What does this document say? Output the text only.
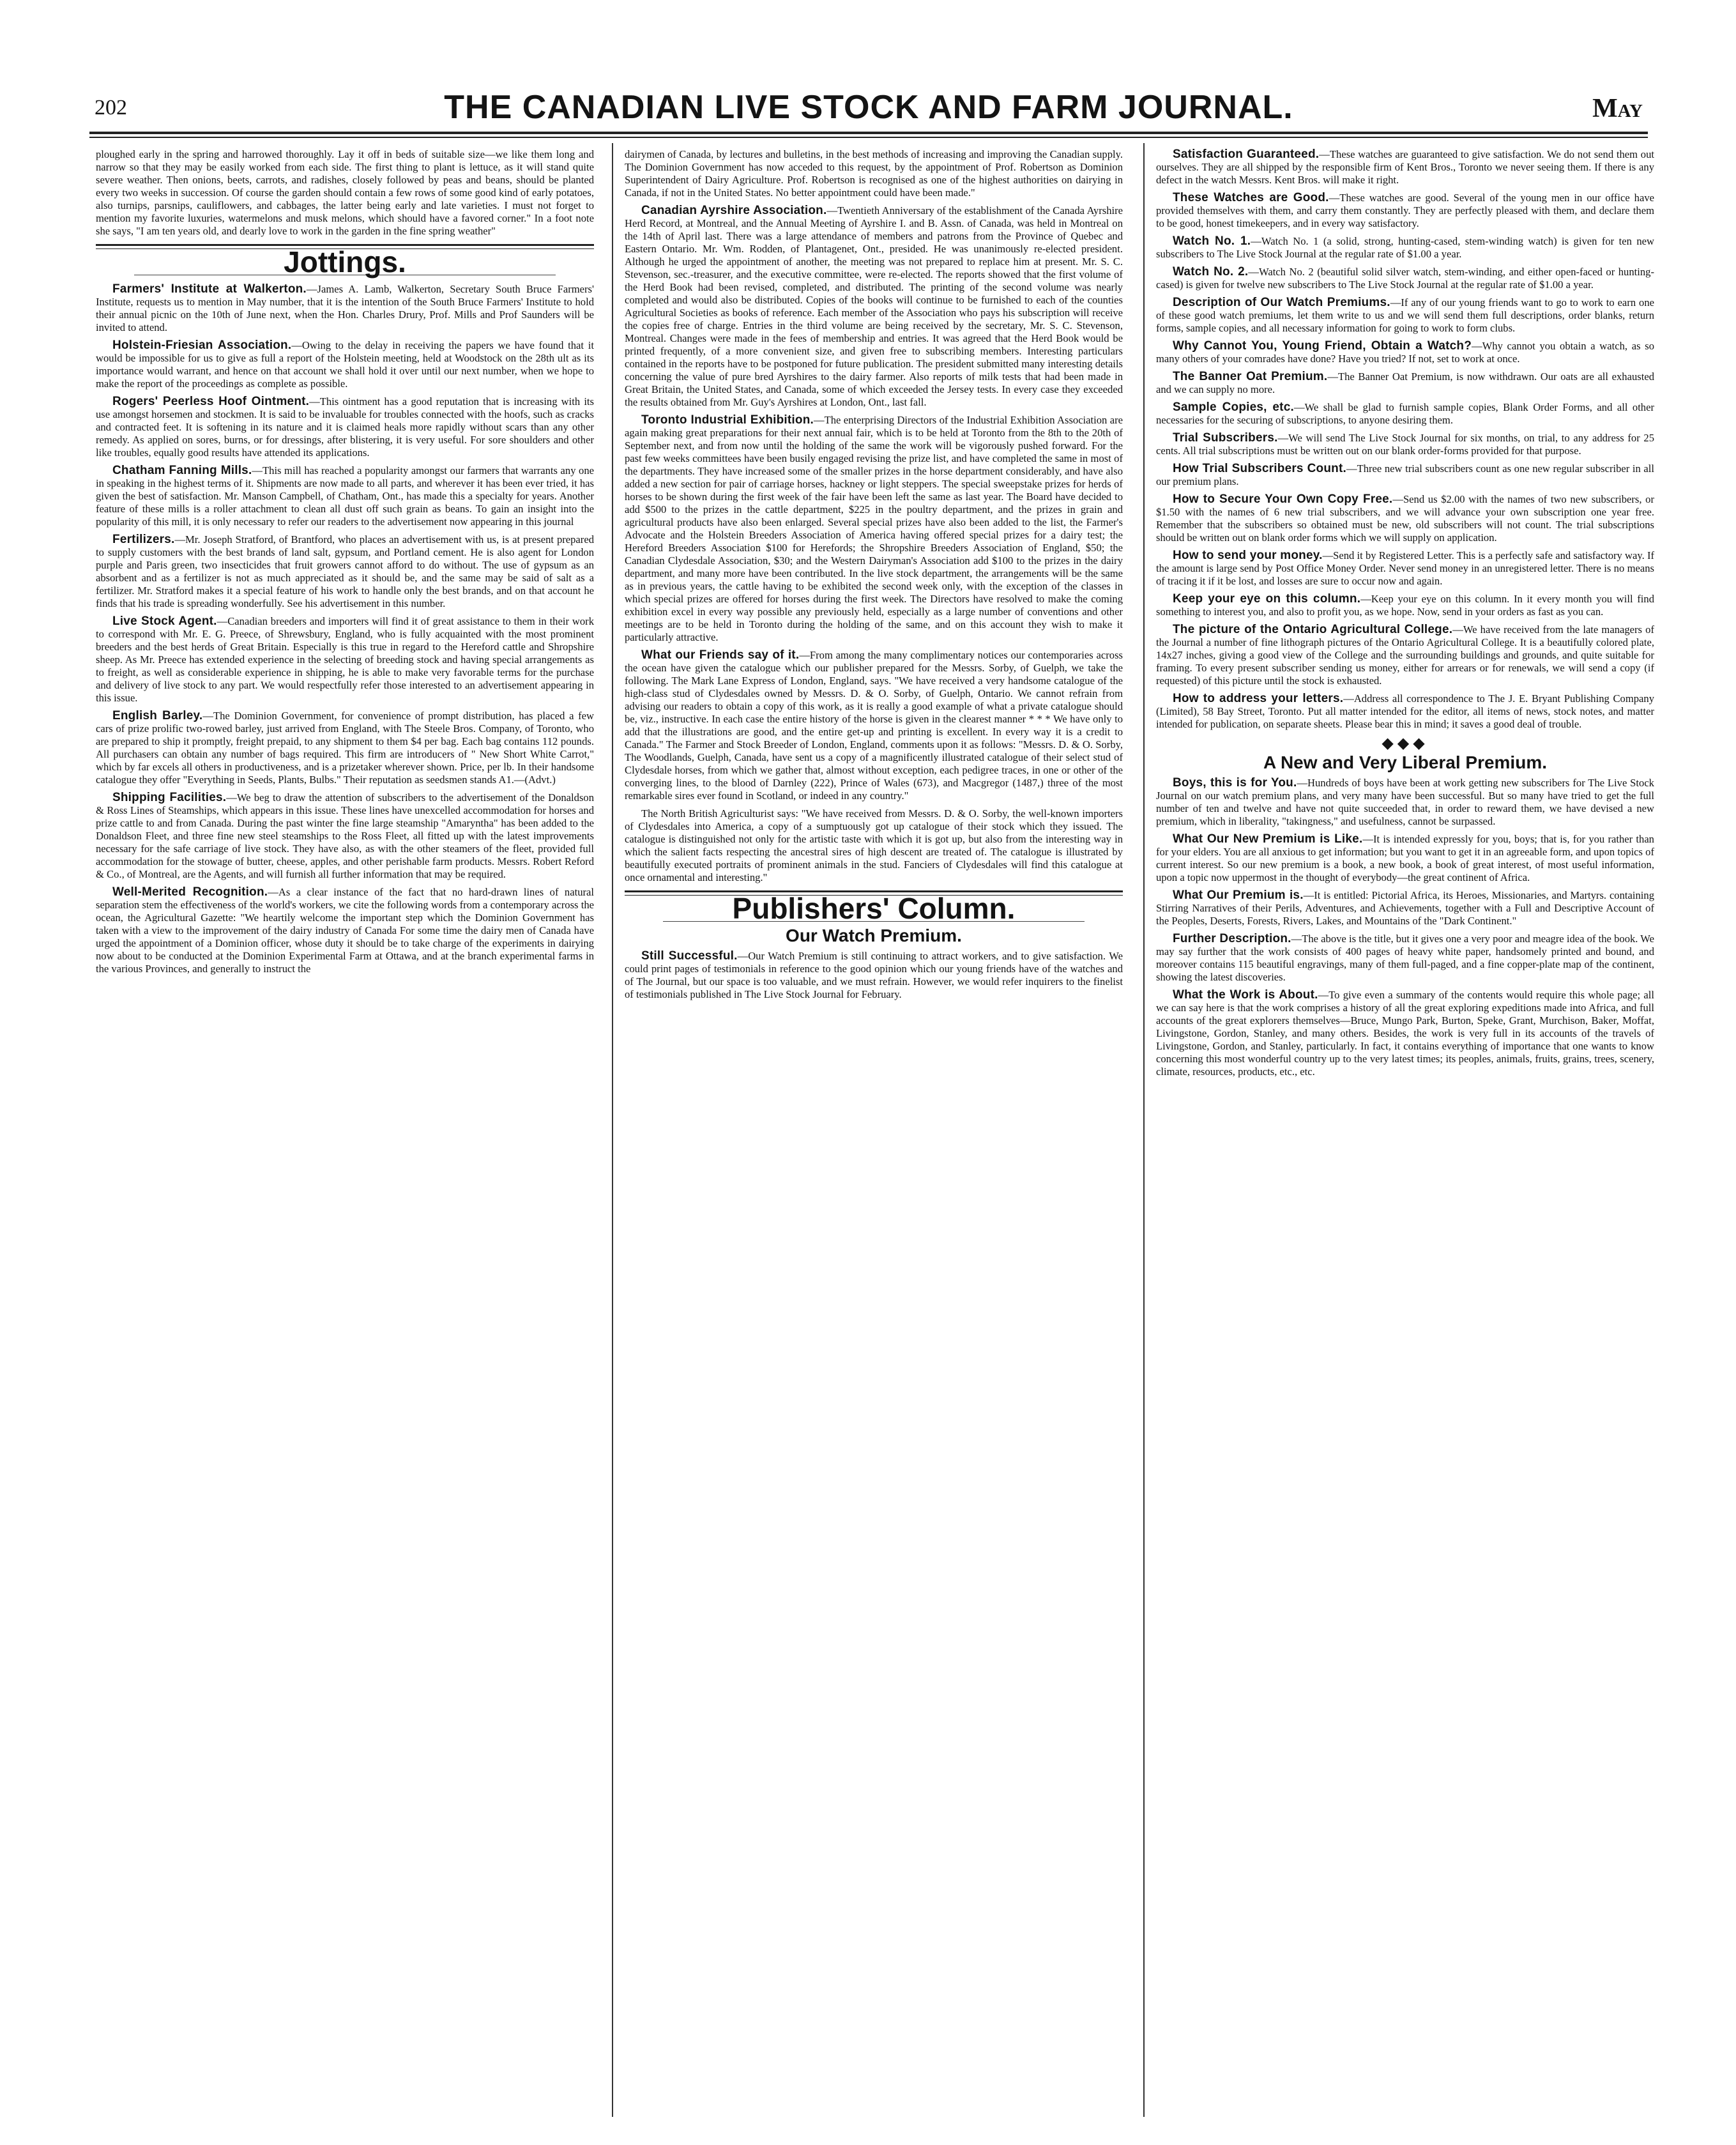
202	THE CANADIAN LIVE STOCK AND FARM JOURNAL.	May

ploughed early in the spring and harrowed thoroughly. Lay it off in beds of suitable size—we like them long and narrow so that they may be easily worked from each side. The first thing to plant is lettuce, as it will stand quite severe weather. Then onions, beets, carrots, and radishes, closely followed by peas and beans, should be planted every two weeks in succession. Of course the garden should contain a few rows of some good kind of early potatoes, also turnips, parsnips, cauliflowers, and cabbages, the latter being early and late varieties. I must not forget to mention my favorite luxuries, watermelons and musk melons, which should have a favored corner." In a foot note she says, "I am ten years old, and dearly love to work in the garden in the fine spring weather"

Jottings.

Farmers' Institute at Walkerton.—James A. Lamb, Walkerton, Secretary South Bruce Farmers' Institute, requests us to mention in May number, that it is the intention of the South Bruce Farmers' Institute to hold their annual picnic on the 10th of June next, when the Hon. Charles Drury, Prof. Mills and Prof Saunders will be invited to attend.

Holstein-Friesian Association.—Owing to the delay in receiving the papers we have found that it would be impossible for us to give as full a report of the Holstein meeting, held at Woodstock on the 28th ult as its importance would warrant, and hence on that account we shall hold it over until our next number, when we hope to make the report of the proceedings as complete as possible.

Rogers' Peerless Hoof Ointment.—This ointment has a good reputation that is increasing with its use amongst horsemen and stockmen. It is said to be invaluable for troubles connected with the hoofs, such as cracks and contracted feet. It is softening in its nature and it is claimed heals more rapidly without scars than any other remedy. As applied on sores, burns, or for dressings, after blistering, it is very useful. For sore shoulders and other like troubles, equally good results have attended its applications.

Chatham Fanning Mills.—This mill has reached a popularity amongst our farmers that warrants any one in speaking in the highest terms of it. Shipments are now made to all parts, and wherever it has been ever tried, it has given the best of satisfaction. Mr. Manson Campbell, of Chatham, Ont., has made this a specialty for years. Another feature of these mills is a roller attachment to clean all dust off such grain as beans. To gain an insight into the popularity of this mill, it is only necessary to refer our readers to the advertisement now appearing in this journal

Fertilizers.—Mr. Joseph Stratford, of Brantford, who places an advertisement with us, is at present prepared to supply customers with the best brands of land salt, gypsum, and Portland cement. He is also agent for London purple and Paris green, two insecticides that fruit growers cannot afford to do without. The use of gypsum as an absorbent and as a fertilizer is not as much appreciated as it should be, and the same may be said of salt as a fertilizer. Mr. Stratford makes it a special feature of his work to handle only the best brands, and on that account he finds that his trade is spreading wonderfully. See his advertisement in this number.

Live Stock Agent.—Canadian breeders and importers will find it of great assistance to them in their work to correspond with Mr. E. G. Preece, of Shrewsbury, England, who is fully acquainted with the most prominent breeders and the best herds of Great Britain. Especially is this true in regard to the Hereford cattle and Shropshire sheep. As Mr. Preece has extended experience in the selecting of breeding stock and having special arrangements as to freight, as well as considerable experience in shipping, he is able to make very favorable terms for the purchase and delivery of live stock to any part. We would respectfully refer those interested to an advertisement appearing in this issue.

English Barley.—The Dominion Government, for convenience of prompt distribution, has placed a few cars of prize prolific two-rowed barley, just arrived from England, with The Steele Bros. Company, of Toronto, who are prepared to ship it promptly, freight prepaid, to any shipment to them $4 per bag. Each bag contains 112 pounds. All purchasers can obtain any number of bags required. This firm are introducers of " New Short White Carrot," which by far excels all others in productiveness, and is a prizetaker wherever shown. Price, per lb. In their handsome catalogue they offer "Everything in Seeds, Plants, Bulbs." Their reputation as seedsmen stands A1.—(Advt.)

Shipping Facilities.—We beg to draw the attention of subscribers to the advertisement of the Donaldson & Ross Lines of Steamships, which appears in this issue. These lines have unexcelled accommodation for horses and prize cattle to and from Canada. During the past winter the fine large steamship "Amaryntha" has been added to the Donaldson Fleet, and three fine new steel steamships to the Ross Fleet, all fitted up with the latest improvements necessary for the safe carriage of live stock. They have also, as with the other steamers of the fleet, provided full accommodation for the stowage of butter, cheese, apples, and other perishable farm products. Messrs. Robert Reford & Co., of Montreal, are the Agents, and will furnish all further information that may be required.

Well-Merited Recognition.—As a clear instance of the fact that no hard-drawn lines of natural separation stem the effectiveness of the world's workers, we cite the following words from a contemporary across the ocean, the Agricultural Gazette: "We heartily welcome the important step which the Dominion Government has taken with a view to the improvement of the dairy industry of Canada For some time the dairy men of Canada have urged the appointment of a Dominion officer, whose duty it should be to take charge of the experiments in dairying now about to be conducted at the Dominion Experimental Farm at Ottawa, and at the branch experimental farms in the various Provinces, and generally to instruct the

dairymen of Canada, by lectures and bulletins, in the best methods of increasing and improving the Canadian supply. The Dominion Government has now acceded to this request, by the appointment of Prof. Robertson as Dominion Superintendent of Dairy Agriculture. Prof. Robertson is recognised as one of the highest authorities on dairying in Canada, if not in the United States. No better appointment could have been made."

Canadian Ayrshire Association.—Twentieth Anniversary of the establishment of the Canada Ayrshire Herd Record, at Montreal, and the Annual Meeting of Ayrshire I. and B. Assn. of Canada, was held in Montreal on the 14th of April last. There was a large attendance of members and patrons from the Province of Quebec and Eastern Ontario. Mr. Wm. Rodden, of Plantagenet, Ont., presided. He was unanimously re-elected president. Although he urged the appointment of another, the meeting was not prepared to replace him at present. Mr. S. C. Stevenson, sec.-treasurer, and the executive committee, were re-elected. The reports showed that the first volume of the Herd Book had been revised, completed, and distributed. The printing of the second volume was nearly completed and would also be distributed. Copies of the books will continue to be furnished to each of the counties Agricultural Societies as books of reference. Each member of the Association who pays his subscription will receive the copies free of charge. Entries in the third volume are being received by the secretary, Mr. S. C. Stevenson, Montreal. Changes were made in the fees of membership and entries. It was agreed that the Herd Book would be printed frequently, of a more convenient size, and given free to subscribing members. Interesting particulars contained in the reports have to be postponed for future publication. The president submitted many interesting details concerning the value of pure bred Ayrshires to the dairy farmer. Also reports of milk tests that had been made in Great Britain, the United States, and Canada, some of which exceeded the Jersey tests. In every case they exceeded the results obtained from Mr. Guy's Ayrshires at London, Ont., last fall.

Toronto Industrial Exhibition.—The enterprising Directors of the Industrial Exhibition Association are again making great preparations for their next annual fair, which is to be held at Toronto from the 8th to the 20th of September next, and from now until the holding of the same the work will be vigorously pushed forward. For the past few weeks committees have been busily engaged revising the prize list, and have completed the same in most of the departments. They have increased some of the smaller prizes in the horse department considerably, and have also added a new section for pair of carriage horses, hackney or light steppers. The special sweepstake prizes for herds of horses to be shown during the first week of the fair have been left the same as last year. The Board have decided to add $500 to the prizes in the cattle department, $225 in the poultry department, and the prizes in grain and agricultural products have also been enlarged. Several special prizes have also been added to the list, the Farmer's Advocate and the Holstein Breeders Association of America having offered special prizes for a dairy test; the Hereford Breeders Association $100 for Herefords; the Shropshire Breeders Association of England, $50; the Canadian Clydesdale Association, $30; and the Western Dairyman's Association add $100 to the prizes in the dairy department, and many more have been contributed. In the live stock department, the arrangements will be the same as in previous years, the cattle having to be exhibited the second week only, with the exception of the classes in which special prizes are offered for horses during the first week. The Directors have resolved to make the coming exhibition excel in every way possible any previously held, especially as a large number of conventions and other meetings are to be held in Toronto during the holding of the same, and on this account they wish to make it particularly attractive.

What our Friends say of it.—From among the many complimentary notices our contemporaries across the ocean have given the catalogue which our publisher prepared for the Messrs. Sorby, of Guelph, we take the following. The Mark Lane Express of London, England, says. "We have received a very handsome catalogue of the high-class stud of Clydesdales owned by Messrs. D. & O. Sorby, of Guelph, Ontario. We cannot refrain from advising our readers to obtain a copy of this work, as it is really a good example of what a private catalogue should be, viz., instructive. In each case the entire history of the horse is given in the clearest manner * * * We have only to add that the illustrations are good, and the entire get-up and printing is excellent. In every way it is a credit to Canada." The Farmer and Stock Breeder of London, England, comments upon it as follows: "Messrs. D. & O. Sorby, The Woodlands, Guelph, Canada, have sent us a copy of a magnificently illustrated catalogue of their select stud of Clydesdale horses, from which we gather that, almost without exception, each pedigree traces, in one or other of the converging lines, to the blood of Darnley (222), Prince of Wales (673), and Macgregor (1487,) three of the most remarkable sires ever found in Scotland, or indeed in any country."

The North British Agriculturist says: "We have received from Messrs. D. & O. Sorby, the well-known importers of Clydesdales into America, a copy of a sumptuously got up catalogue of their stock which they issued. The catalogue is distinguished not only for the artistic taste with which it is got up, but also from the interesting way in which the salient facts respecting the ancestral sires of high descent are treated of. The catalogue is illustrated by beautifully executed portraits of prominent animals in the stud. Fanciers of Clydesdales will find this catalogue at once ornamental and interesting."

Publishers' Column.
Our Watch Premium.

Still Successful.—Our Watch Premium is still continuing to attract workers, and to give satisfaction. We could print pages of testimonials in reference to the good opinion which our young friends have of the watches and of The Journal, but our space is too valuable, and we must refrain. However, we would refer inquirers to the finelist of testimonials published in The Live Stock Journal for February.

Satisfaction Guaranteed.—These watches are guaranteed to give satisfaction. We do not send them out ourselves. They are all shipped by the responsible firm of Kent Bros., Toronto we never seeing them. If there is any defect in the watch Messrs. Kent Bros. will make it right.

These Watches are Good.—These watches are good. Several of the young men in our office have provided themselves with them, and carry them constantly. They are perfectly pleased with them, and declare them to be good, honest timekeepers, and in every way satisfactory.

Watch No. 1.—Watch No. 1 (a solid, strong, hunting-cased, stem-winding watch) is given for ten new subscribers to The Live Stock Journal at the regular rate of $1.00 a year.

Watch No. 2.—Watch No. 2 (beautiful solid silver watch, stem-winding, and either open-faced or hunting-cased) is given for twelve new subscribers to The Live Stock Journal at the regular rate of $1.00 a year.

Description of Our Watch Premiums.—If any of our young friends want to go to work to earn one of these good watch premiums, let them write to us and we will send them full descriptions, order blanks, return forms, sample copies, and all necessary information for going to work to form clubs.

Why Cannot You, Young Friend, Obtain a Watch?—Why cannot you obtain a watch, as so many others of your comrades have done? Have you tried? If not, set to work at once.

The Banner Oat Premium.—The Banner Oat Premium, is now withdrawn. Our oats are all exhausted and we can supply no more.

Sample Copies, etc.—We shall be glad to furnish sample copies, Blank Order Forms, and all other necessaries for the securing of subscriptions, to anyone desiring them.

Trial Subscribers.—We will send The Live Stock Journal for six months, on trial, to any address for 25 cents. All trial subscriptions must be written out on our blank order-forms provided for that purpose.

How Trial Subscribers Count.—Three new trial subscribers count as one new regular subscriber in all our premium plans.

How to Secure Your Own Copy Free.—Send us $2.00 with the names of two new subscribers, or $1.50 with the names of 6 new trial subscribers, and we will advance your own subscription one year free. Remember that the subscribers so obtained must be new, old subscribers will not count. The trial subscriptions should be written out on blank order forms which we will supply on application.

How to send your money.—Send it by Registered Letter. This is a perfectly safe and satisfactory way. If the amount is large send by Post Office Money Order. Never send money in an unregistered letter. There is no means of tracing it if it be lost, and losses are sure to occur now and again.

Keep your eye on this column.—Keep your eye on this column. In it every month you will find something to interest you, and also to profit you, as we hope. Now, send in your orders as fast as you can.

The picture of the Ontario Agricultural College.—We have received from the late managers of the Journal a number of fine lithograph pictures of the Ontario Agricultural College. It is a beautifully colored plate, 14x27 inches, giving a good view of the College and the surrounding buildings and grounds, and quite suitable for framing. To every present subscriber sending us money, either for arrears or for renewals, we will send a copy (if requested) of this picture until the stock is exhausted.

How to address your letters.—Address all correspondence to The J. E. Bryant Publishing Company (Limited), 58 Bay Street, Toronto. Put all matter intended for the editor, all items of news, stock notes, and matter intended for publication, on separate sheets. Please bear this in mind; it saves a good deal of trouble.

◆◆◆
A New and Very Liberal Premium.

Boys, this is for You.—Hundreds of boys have been at work getting new subscribers for The Live Stock Journal on our watch premium plans, and very many have been successful. But so many have tried to get the full number of ten and twelve and have not quite succeeded that, in order to reward them, we have devised a new premium, which in liberality, "takingness," and usefulness, cannot be surpassed.

What Our New Premium is Like.—It is intended expressly for you, boys; that is, for you rather than for your elders. You are all anxious to get information; but you want to get it in an agreeable form, and upon topics of current interest. So our new premium is a book, a new book, a book of great interest, of most useful information, upon a topic now uppermost in the thought of everybody—the great continent of Africa.

What Our Premium is.—It is entitled: Pictorial Africa, its Heroes, Missionaries, and Martyrs. containing Stirring Narratives of their Perils, Adventures, and Achievements, together with a Full and Descriptive Account of the Peoples, Deserts, Forests, Rivers, Lakes, and Mountains of the "Dark Continent."

Further Description.—The above is the title, but it gives one a very poor and meagre idea of the book. We may say further that the work consists of 400 pages of heavy white paper, handsomely printed and bound, and moreover contains 115 beautiful engravings, many of them full-paged, and a fine copper-plate map of the continent, showing the latest discoveries.

What the Work is About.—To give even a summary of the contents would require this whole page; all we can say here is that the work comprises a history of all the great exploring expeditions made into Africa, and full accounts of the great explorers themselves—Bruce, Mungo Park, Burton, Speke, Grant, Murchison, Baker, Moffat, Livingstone, Gordon, Stanley, and many others. Besides, the work is very full in its accounts of the travels of Livingstone, Gordon, and Stanley, particularly. In fact, it contains everything of importance that one wants to know concerning this most wonderful country up to the very latest times; its peoples, animals, fruits, grains, trees, scenery, climate, resources, products, etc., etc.
